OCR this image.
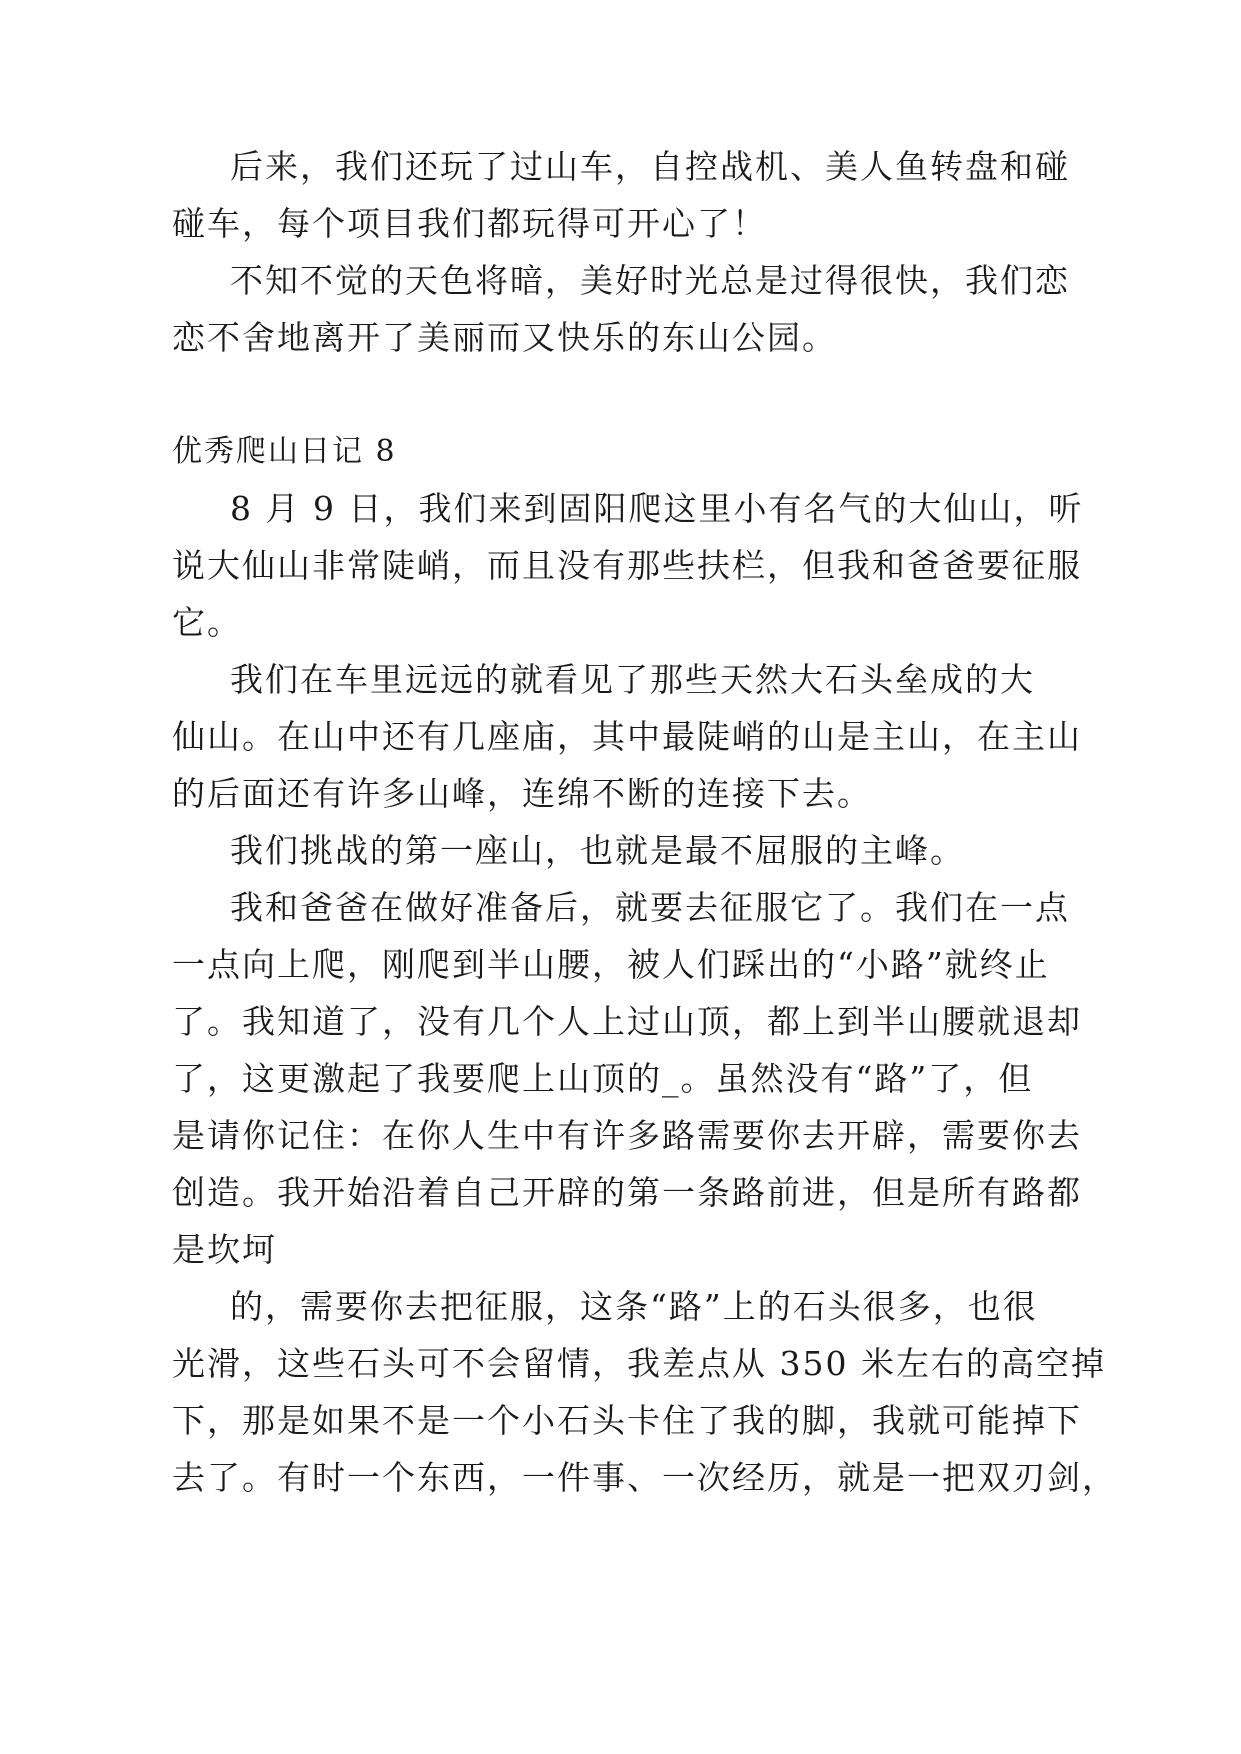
后来，我们还玩了过山车，自控战机、美人鱼转盘和碰
碰车，每个项目我们都玩得可开心了！

不知不觉的天色将暗，美好时光总是过得很快，我们恋
恋不舍地离开了美丽而又快乐的东山公园。

优秀爬山日记 8

8 月 9 日，我们来到固阳爬这里小有名气的大仙山，听
说大仙山非常陡峭，而且没有那些扶栏，但我和爸爸要征服
它。

我们在车里远远的就看见了那些天然大石头垒成的大
仙山。在山中还有几座庙，其中最陡峭的山是主山，在主山
的后面还有许多山峰，连绵不断的连接下去。

我们挑战的第一座山，也就是最不屈服的主峰。

我和爸爸在做好准备后，就要去征服它了。我们在一点
一点向上爬，刚爬到半山腰，被人们踩出的“小路”就终止
了。我知道了，没有几个人上过山顶，都上到半山腰就退却
了，这更激起了我要爬上山顶的_。虽然没有“路”了，但
是请你记住：在你人生中有许多路需要你去开辟，需要你去
创造。我开始沿着自己开辟的第一条路前进，但是所有路都
是坎坷

的，需要你去把征服，这条“路”上的石头很多，也很
光滑，这些石头可不会留情，我差点从 350 米左右的高空掉
下，那是如果不是一个小石头卡住了我的脚，我就可能掉下
去了。有时一个东西，一件事、一次经历，就是一把双刃剑，
